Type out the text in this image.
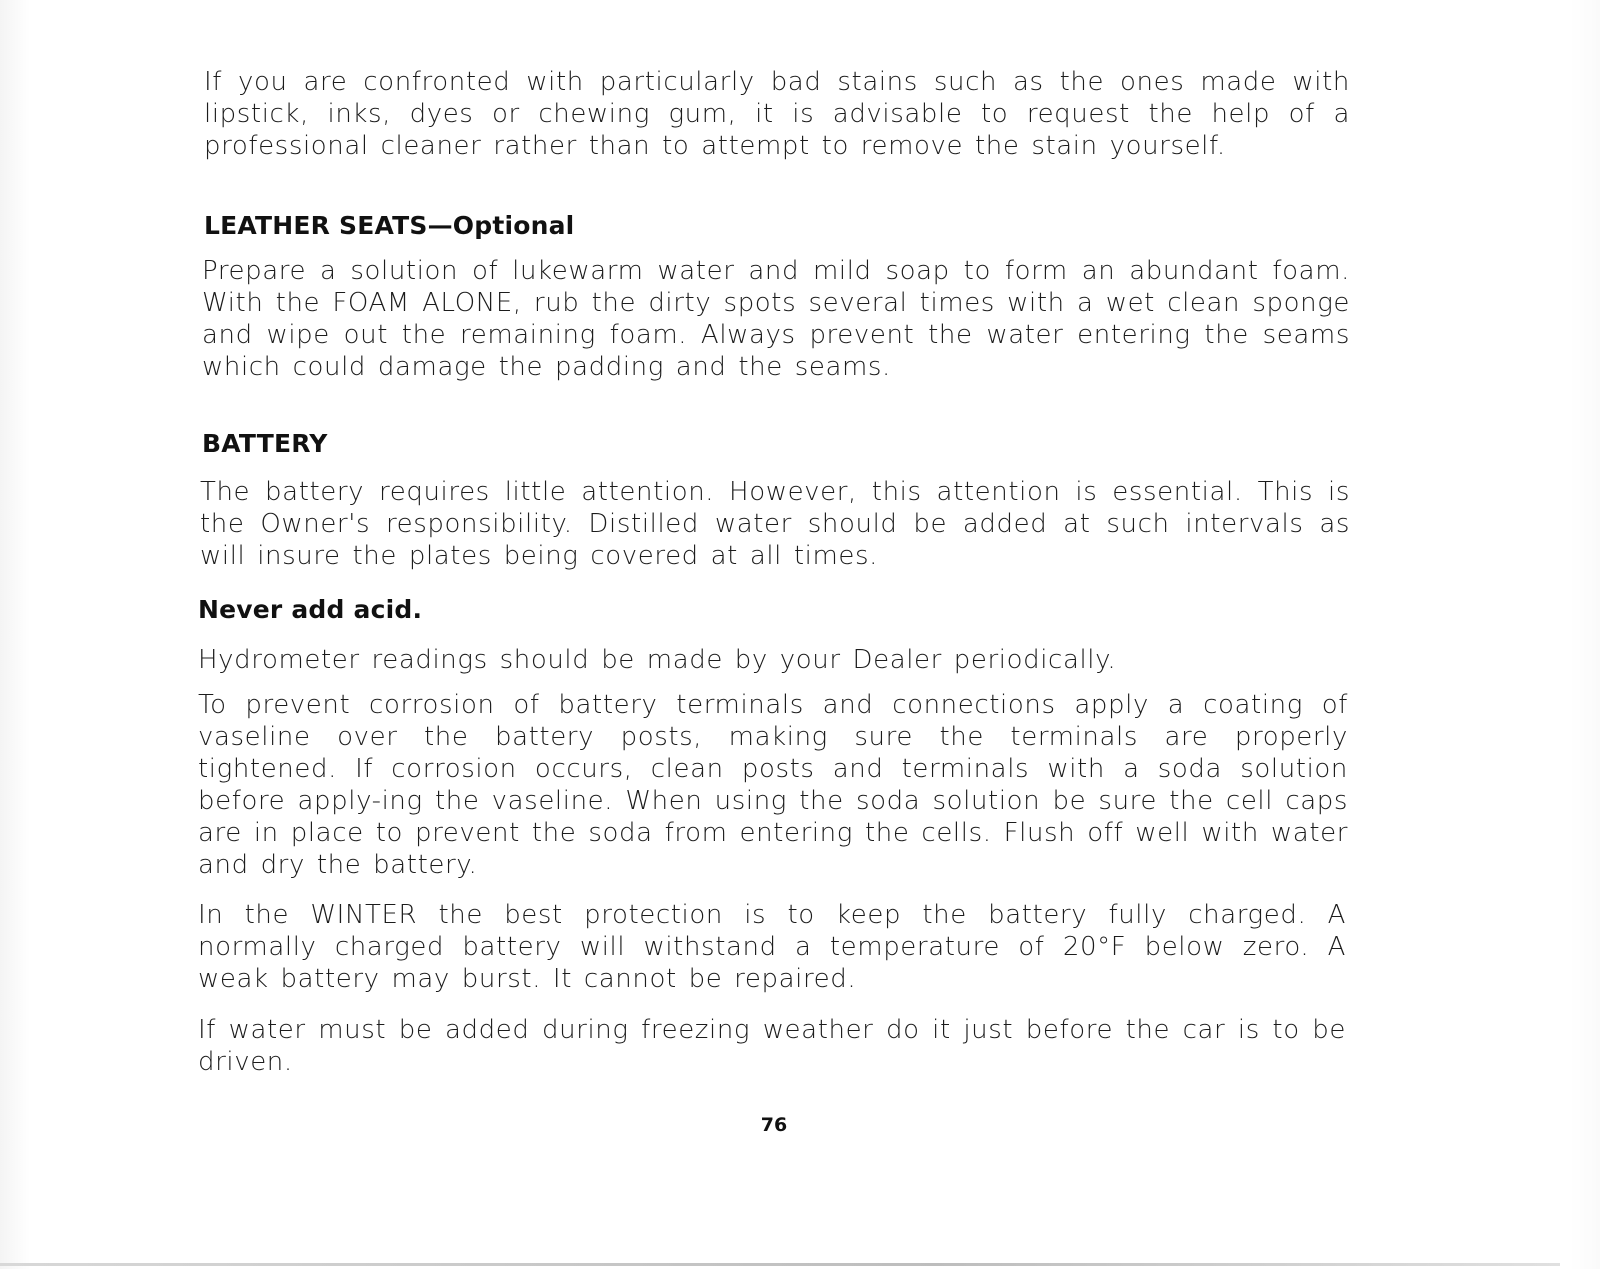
If you are confronted with particularly bad stains such as the ones made with lipstick, inks, dyes or chewing gum, it is advisable to request the help of a professional cleaner rather than to attempt to remove the stain yourself.

LEATHER SEATS—Optional

Prepare a solution of lukewarm water and mild soap to form an abundant foam. With the FOAM ALONE, rub the dirty spots several times with a wet clean sponge and wipe out the remaining foam. Always prevent the water entering the seams which could damage the padding and the seams.

BATTERY

The battery requires little attention. However, this attention is essential. This is the Owner's responsibility. Distilled water should be added at such intervals as will insure the plates being covered at all times.

Never add acid.

Hydrometer readings should be made by your Dealer periodically.

To prevent corrosion of battery terminals and connections apply a coating of vaseline over the battery posts, making sure the terminals are properly tightened. If corrosion occurs, clean posts and terminals with a soda solution before apply-ing the vaseline. When using the soda solution be sure the cell caps are in place to prevent the soda from entering the cells. Flush off well with water and dry the battery.

In the WINTER the best protection is to keep the battery fully charged. A normally charged battery will withstand a temperature of 20°F below zero. A weak battery may burst. It cannot be repaired.

If water must be added during freezing weather do it just before the car is to be driven.

76
